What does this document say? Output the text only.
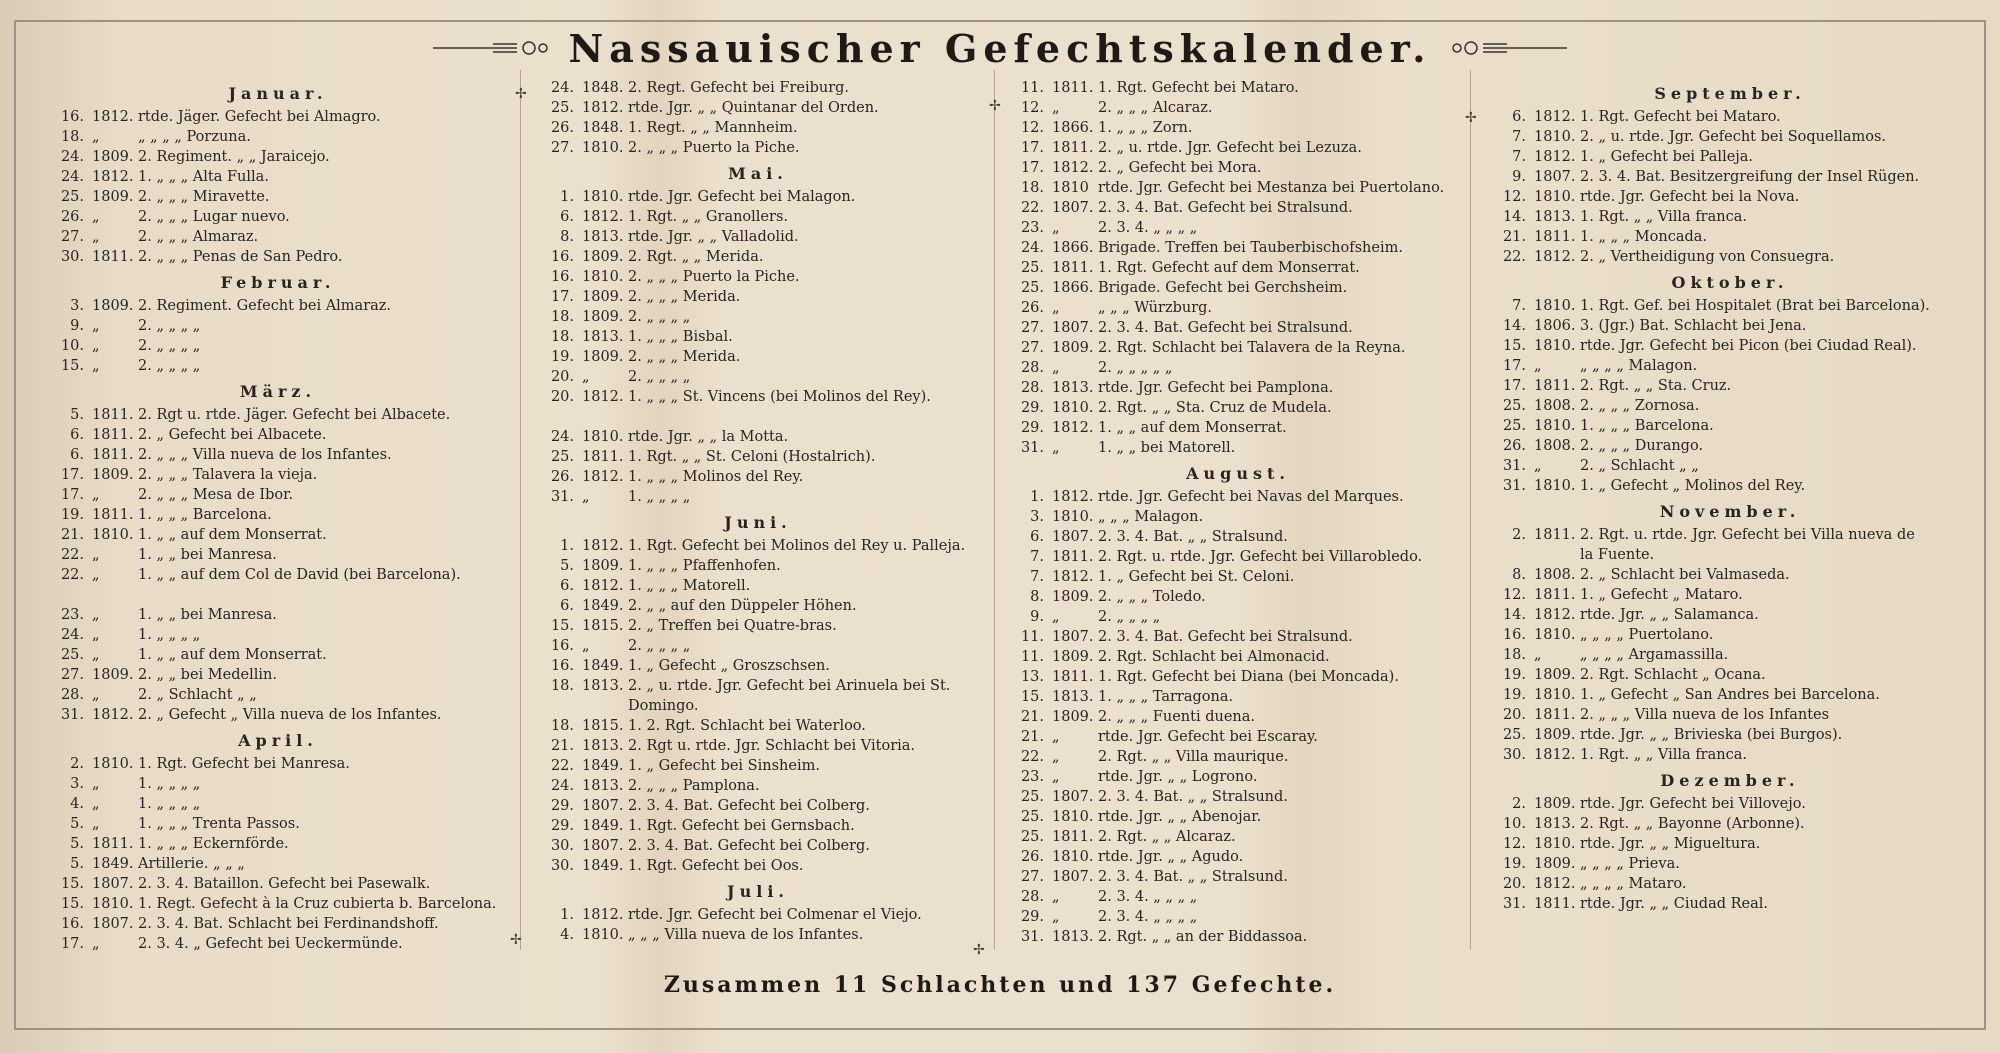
✢
✢
✢
✢
✢
Nassauischer Gefechtskalender.
Januar.
16. 1812. rtde. Jäger. Gefecht bei Almagro.
18. „	„ „ „ „ Porzuna.
24. 1809. 2. Regiment. „ „ Jaraicejo.
24. 1812. 1. „ „ „ Alta Fulla.
25. 1809. 2. „ „ „ Miravette.
26. „	2. „ „ „ Lugar nuevo.
27. „	2. „ „ „ Almaraz.
30. 1811. 2. „ „ „ Penas de San Pedro.
Februar.
3. 1809. 2. Regiment. Gefecht bei Almaraz.
9. „	2. „ „ „ „
10. „	2. „ „ „ „
15. „	2. „ „ „ „
März.
5. 1811. 2. Rgt u. rtde. Jäger. Gefecht bei Albacete.
6. 1811. 2. „ Gefecht bei Albacete.
6. 1811. 2. „ „ „ Villa nueva de los Infantes.
17. 1809. 2. „ „ „ Talavera la vieja.
17. „	2. „ „ „ Mesa de Ibor.
19. 1811. 1. „ „ „ Barcelona.
21. 1810. 1. „ „ auf dem Monserrat.
22. „	1. „ „ bei Manresa.
22. „	1. „ „ auf dem Col de David (bei Barcelona).
23. „	1. „ „ bei Manresa.
24. „	1. „ „ „ „
25. „	1. „ „ auf dem Monserrat.
27. 1809. 2. „ „ bei Medellin.
28. „	2. „ Schlacht „ „
31. 1812. 2. „ Gefecht „ Villa nueva de los Infantes.
April.
2. 1810. 1. Rgt. Gefecht bei Manresa.
3. „	1. „ „ „ „
4. „	1. „ „ „ „
5. „	1. „ „ „ Trenta Passos.
5. 1811. 1. „ „ „ Eckernförde.
5. 1849. Artillerie. „ „ „
15. 1807. 2. 3. 4. Bataillon. Gefecht bei Pasewalk.
15. 1810. 1. Regt. Gefecht à la Cruz cubierta b. Barcelona.
16. 1807. 2. 3. 4. Bat. Schlacht bei Ferdinandshoff.
17. „	2. 3. 4. „ Gefecht bei Ueckermünde.
24. 1848. 2. Regt. Gefecht bei Freiburg.
25. 1812. rtde. Jgr. „ „ Quintanar del Orden.
26. 1848. 1. Regt. „ „ Mannheim.
27. 1810. 2. „ „ „ Puerto la Piche.
Mai.
1. 1810. rtde. Jgr. Gefecht bei Malagon.
6. 1812. 1. Rgt. „ „ Granollers.
8. 1813. rtde. Jgr. „ „ Valladolid.
16. 1809. 2. Rgt. „ „ Merida.
16. 1810. 2. „ „ „ Puerto la Piche.
17. 1809. 2. „ „ „ Merida.
18. 1809. 2. „ „ „ „
18. 1813. 1. „ „ „ Bisbal.
19. 1809. 2. „ „ „ Merida.
20. „	2. „ „ „ „
20. 1812. 1. „ „ „ St. Vincens (bei Molinos del Rey).
24. 1810. rtde. Jgr. „ „ la Motta.
25. 1811. 1. Rgt. „ „ St. Celoni (Hostalrich).
26. 1812. 1. „ „ „ Molinos del Rey.
31. „	1. „ „ „ „
Juni.
1. 1812. 1. Rgt. Gefecht bei Molinos del Rey u. Palleja.
5. 1809. 1. „ „ „ Pfaffenhofen.
6. 1812. 1. „ „ „ Matorell.
6. 1849. 2. „ „ auf den Düppeler Höhen.
15. 1815. 2. „ Treffen bei Quatre-bras.
16. „	2. „ „ „ „
16. 1849. 1. „ Gefecht „ Groszschsen.
18. 1813. 2. „ u. rtde. Jgr. Gefecht bei Arinuela bei St. Domingo.
18. 1815. 1. 2. Rgt. Schlacht bei Waterloo.
21. 1813. 2. Rgt u. rtde. Jgr. Schlacht bei Vitoria.
22. 1849. 1. „ Gefecht bei Sinsheim.
24. 1813. 2. „ „ „ Pamplona.
29. 1807. 2. 3. 4. Bat. Gefecht bei Colberg.
29. 1849. 1. Rgt. Gefecht bei Gernsbach.
30. 1807. 2. 3. 4. Bat. Gefecht bei Colberg.
30. 1849. 1. Rgt. Gefecht bei Oos.
Juli.
1. 1812. rtde. Jgr. Gefecht bei Colmenar el Viejo.
4. 1810. „ „ „ Villa nueva de los Infantes.
11. 1811. 1. Rgt. Gefecht bei Mataro.
12. „	2. „ „ „ Alcaraz.
12. 1866. 1. „ „ „ Zorn.
17. 1811. 2. „ u. rtde. Jgr. Gefecht bei Lezuza.
17. 1812. 2. „ Gefecht bei Mora.
18. 1810 rtde. Jgr. Gefecht bei Mestanza bei Puertolano.
22. 1807. 2. 3. 4. Bat. Gefecht bei Stralsund.
23. „	2. 3. 4. „ „ „ „
24. 1866. Brigade. Treffen bei Tauberbischofsheim.
25. 1811. 1. Rgt. Gefecht auf dem Monserrat.
25. 1866. Brigade. Gefecht bei Gerchsheim.
26. „	„ „ „ Würzburg.
27. 1807. 2. 3. 4. Bat. Gefecht bei Stralsund.
27. 1809. 2. Rgt. Schlacht bei Talavera de la Reyna.
28. „	2. „ „ „ „ „
28. 1813. rtde. Jgr. Gefecht bei Pamplona.
29. 1810. 2. Rgt. „ „ Sta. Cruz de Mudela.
29. 1812. 1. „ „ auf dem Monserrat.
31. „	1. „ „ bei Matorell.
August.
1. 1812. rtde. Jgr. Gefecht bei Navas del Marques.
3. 1810. „ „ „ Malagon.
6. 1807. 2. 3. 4. Bat. „ „ Stralsund.
7. 1811. 2. Rgt. u. rtde. Jgr. Gefecht bei Villarobledo.
7. 1812. 1. „ Gefecht bei St. Celoni.
8. 1809. 2. „ „ „ Toledo.
9. „	2. „ „ „ „
11. 1807. 2. 3. 4. Bat. Gefecht bei Stralsund.
11. 1809. 2. Rgt. Schlacht bei Almonacid.
13. 1811. 1. Rgt. Gefecht bei Diana (bei Moncada).
15. 1813. 1. „ „ „ Tarragona.
21. 1809. 2. „ „ „ Fuenti duena.
21. „	rtde. Jgr. Gefecht bei Escaray.
22. „	2. Rgt. „ „ Villa maurique.
23. „	rtde. Jgr. „ „ Logrono.
25. 1807. 2. 3. 4. Bat. „ „ Stralsund.
25. 1810. rtde. Jgr. „ „ Abenojar.
25. 1811. 2. Rgt. „ „ Alcaraz.
26. 1810. rtde. Jgr. „ „ Agudo.
27. 1807. 2. 3. 4. Bat. „ „ Stralsund.
28. „	2. 3. 4. „ „ „ „
29. „	2. 3. 4. „ „ „ „
31. 1813. 2. Rgt. „ „ an der Biddassoa.
September.
6. 1812. 1. Rgt. Gefecht bei Mataro.
7. 1810. 2. „ u. rtde. Jgr. Gefecht bei Soquellamos.
7. 1812. 1. „ Gefecht bei Palleja.
9. 1807. 2. 3. 4. Bat. Besitzergreifung der Insel Rügen.
12. 1810. rtde. Jgr. Gefecht bei la Nova.
14. 1813. 1. Rgt. „ „ Villa franca.
21. 1811. 1. „ „ „ Moncada.
22. 1812. 2. „ Vertheidigung von Consuegra.
Oktober.
7. 1810. 1. Rgt. Gef. bei Hospitalet (Brat bei Barcelona).
14. 1806. 3. (Jgr.) Bat. Schlacht bei Jena.
15. 1810. rtde. Jgr. Gefecht bei Picon (bei Ciudad Real).
17. „	„ „ „ „ Malagon.
17. 1811. 2. Rgt. „ „ Sta. Cruz.
25. 1808. 2. „ „ „ Zornosa.
25. 1810. 1. „ „ „ Barcelona.
26. 1808. 2. „ „ „ Durango.
31. „	2. „ Schlacht „ „
31. 1810. 1. „ Gefecht „ Molinos del Rey.
November.
2. 1811. 2. Rgt. u. rtde. Jgr. Gefecht bei Villa nueva de la Fuente.
8. 1808. 2. „ Schlacht bei Valmaseda.
12. 1811. 1. „ Gefecht „ Mataro.
14. 1812. rtde. Jgr. „ „ Salamanca.
16. 1810. „ „ „ „ Puertolano.
18. „	„ „ „ „ Argamassilla.
19. 1809. 2. Rgt. Schlacht „ Ocana.
19. 1810. 1. „ Gefecht „ San Andres bei Barcelona.
20. 1811. 2. „ „ „ Villa nueva de los Infantes
25. 1809. rtde. Jgr. „ „ Brivieska (bei Burgos).
30. 1812. 1. Rgt. „ „ Villa franca.
Dezember.
2. 1809. rtde. Jgr. Gefecht bei Villovejo.
10. 1813. 2. Rgt. „ „ Bayonne (Arbonne).
12. 1810. rtde. Jgr. „ „ Migueltura.
19. 1809. „ „ „ „ Prieva.
20. 1812. „ „ „ „ Mataro.
31. 1811. rtde. Jgr. „ „ Ciudad Real.
Zusammen 11 Schlachten und 137 Gefechte.
